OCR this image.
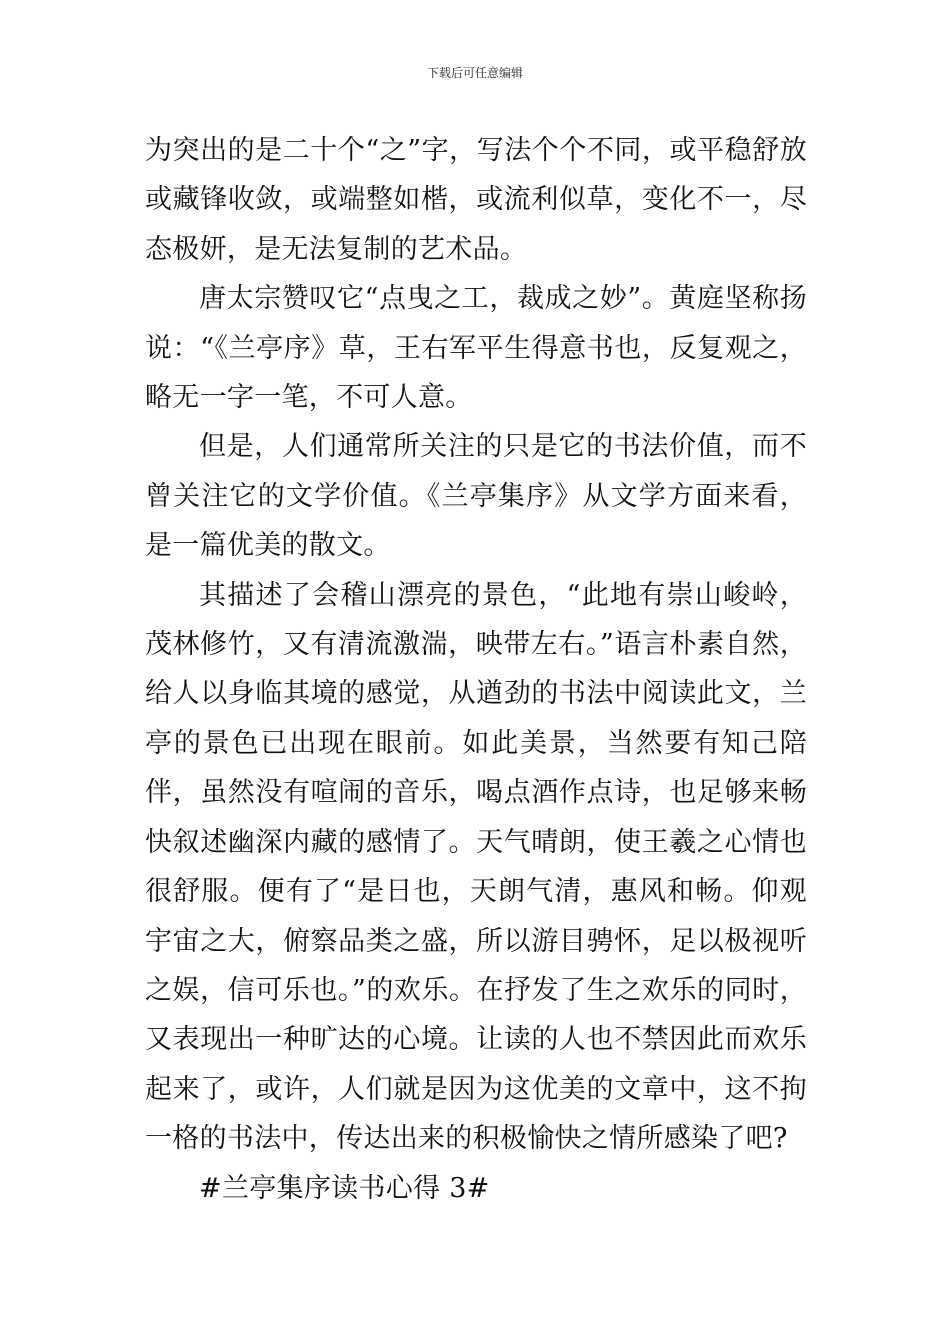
下载后可任意编辑

为突出的是二十个“之”字，写法个个不同，或平稳舒放或藏锋收敛，或端整如楷，或流利似草，变化不一，尽态极妍，是无法复制的艺术品。

唐太宗赞叹它“点曳之工，裁成之妙”。黄庭坚称扬说：“《兰亭序》草，王右军平生得意书也，反复观之，略无一字一笔，不可人意。

但是，人们通常所关注的只是它的书法价值，而不曾关注它的文学价值。《兰亭集序》从文学方面来看，是一篇优美的散文。

其描述了会稽山漂亮的景色，“此地有崇山峻岭，茂林修竹，又有清流激湍，映带左右。”语言朴素自然，给人以身临其境的感觉，从遒劲的书法中阅读此文，兰亭的景色已出现在眼前。如此美景，当然要有知己陪伴，虽然没有喧闹的音乐，喝点酒作点诗，也足够来畅快叙述幽深内藏的感情了。天气晴朗，使王羲之心情也很舒服。便有了“是日也，天朗气清，惠风和畅。仰观宇宙之大，俯察品类之盛，所以游目骋怀，足以极视听之娱，信可乐也。”的欢乐。在抒发了生之欢乐的同时，又表现出一种旷达的心境。让读的人也不禁因此而欢乐起来了，或许，人们就是因为这优美的文章中，这不拘一格的书法中，传达出来的积极愉快之情所感染了吧?

#兰亭集序读书心得 3#
